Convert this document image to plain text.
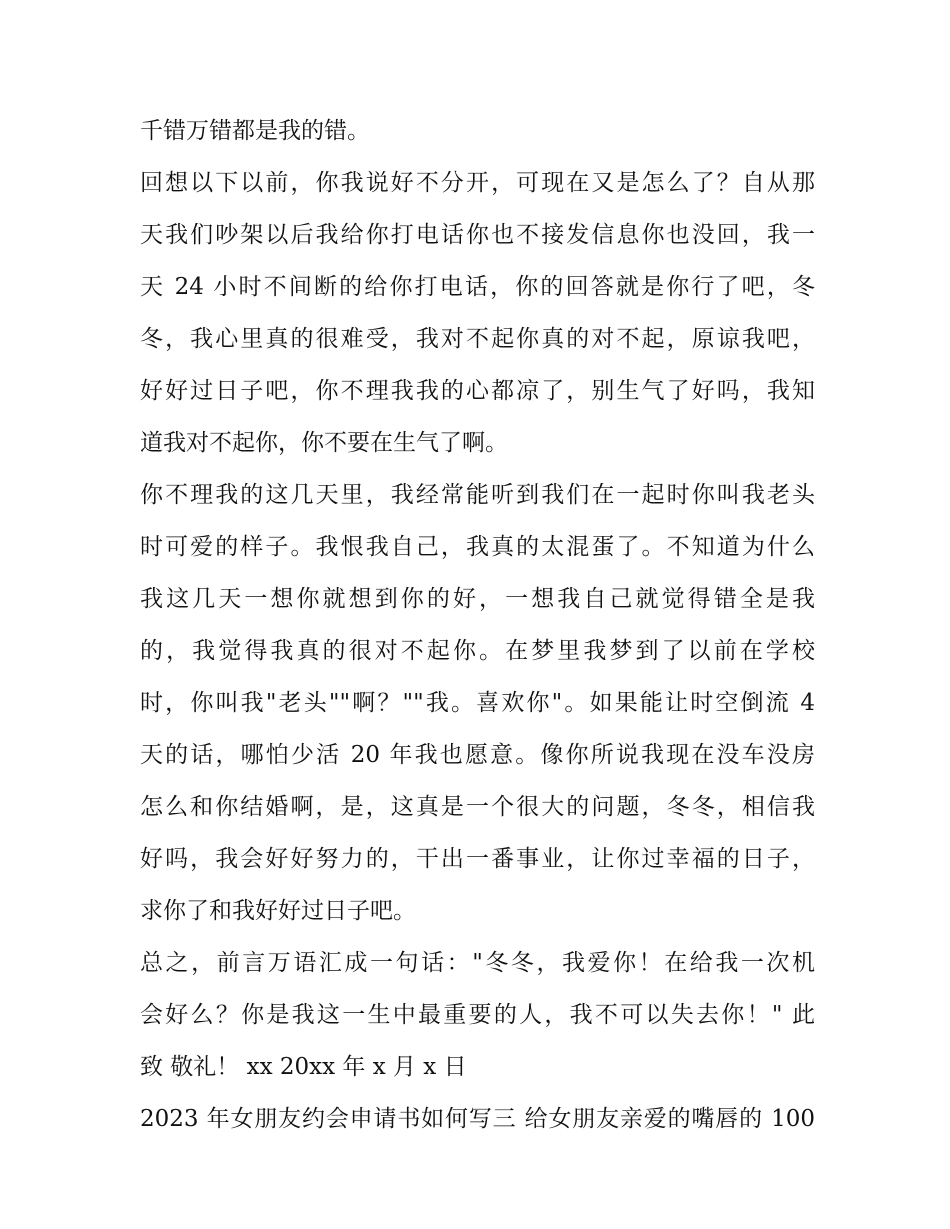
千错万错都是我的错。
回想以下以前，你我说好不分开，可现在又是怎么了？自从那
天我们吵架以后我给你打电话你也不接发信息你也没回，我一
天 24 小时不间断的给你打电话，你的回答就是你行了吧，冬
冬，我心里真的很难受，我对不起你真的对不起，原谅我吧，
好好过日子吧，你不理我我的心都凉了，别生气了好吗，我知
道我对不起你，你不要在生气了啊。
你不理我的这几天里，我经常能听到我们在一起时你叫我老头
时可爱的样子。我恨我自己，我真的太混蛋了。不知道为什么
我这几天一想你就想到你的好，一想我自己就觉得错全是我
的，我觉得我真的很对不起你。在梦里我梦到了以前在学校
时，你叫我"老头""啊？""我。喜欢你"。如果能让时空倒流 4
天的话，哪怕少活 20 年我也愿意。像你所说我现在没车没房
怎么和你结婚啊，是，这真是一个很大的问题，冬冬，相信我
好吗，我会好好努力的，干出一番事业，让你过幸福的日子，
求你了和我好好过日子吧。
总之，前言万语汇成一句话："冬冬，我爱你！在给我一次机
会好么？你是我这一生中最重要的人，我不可以失去你！" 此
致 敬礼！ xx 20xx 年 x 月 x 日
2023 年女朋友约会申请书如何写三 给女朋友亲爱的嘴唇的 100
